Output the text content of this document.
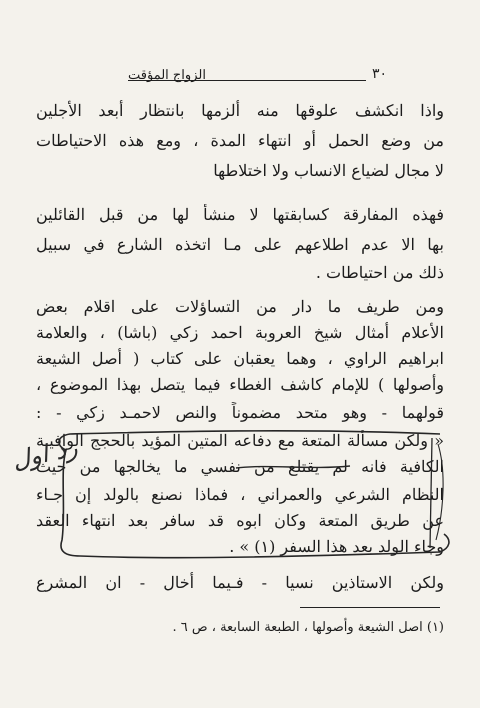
٣٠
الزواج المؤقت
واذا انكشف علوقها منه ألزمها بانتظار أبعد الأجلين
من وضع الحمل أو انتهاء المدة ، ومع هذه الاحتياطات
لا مجال لضياع الانساب ولا اختلاطها
فهذه المفارقة كسابقتها لا منشأ لها من قبل القائلين
بها الا عدم اطلاعهم على مـا اتخذه الشارع في سبيل
ذلك من احتياطات .
ومن طريف ما دار من التساؤلات على اقلام بعض
الأعلام أمثال شيخ العروبة احمد زكي (باشا) ، والعلامة
ابراهيم الراوي ، وهما يعقبان على كتاب ( أصل الشيعة
وأصولها ) للإمام كاشف الغطاء فيما يتصل بهذا الموضوع ،
قولهما - وهو متحد مضموناً والنص لاحمـد زكي - :
« ولكن مسألة المتعة مع دفاعه المتين المؤيد بالحجج الوافيـة
الكافية فانه لم يقتلع من نفسي ما يخالجها من حيث
النظام الشرعي والعمراني ، فماذا نصنع بالولد إن جـاء
عن طريق المتعة وكان ابوه قد سافر بعد انتهاء العقد
وجاء الولد بعد هذا السفر (١) » .
ولكن الاستاذين نسيا - فـيما أخال - ان المشرع
(١) اصل الشيعة وأصولها ، الطبعة السابعة ، ص ٦ .
رد اول
